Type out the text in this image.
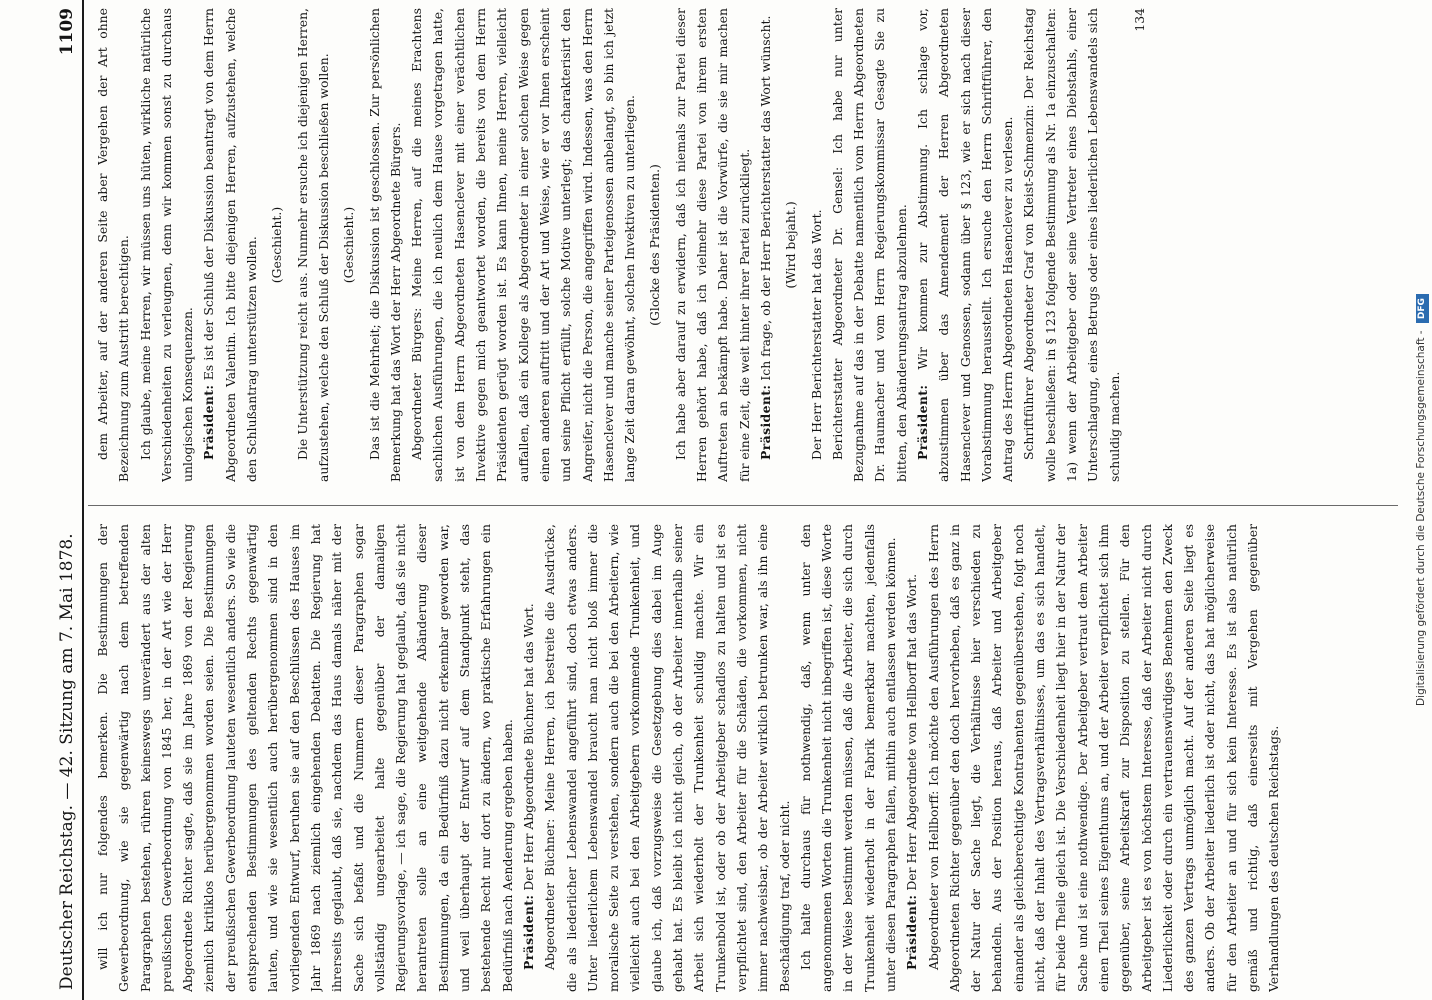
Deutscher Reichstag. — 42. Sitzung am 7. Mai 1878.
1109

will ich nur folgendes bemerken. Die Bestimmungen der Gewerbeordnung, wie sie gegenwärtig nach dem betreffenden Paragraphen bestehen, rühren keineswegs unverändert aus der alten preußischen Gewerbeordnung von 1845 her, in der Art wie der Herr Abgeordnete Richter sagte, daß sie im Jahre 1869 von der Regierung ziemlich kritiklos herübergenommen worden seien. Die Bestimmungen der preußischen Gewerbeordnung lauteten wesentlich anders. So wie die entsprechenden Bestimmungen des geltenden Rechts gegenwärtig lauten, und wie sie wesentlich auch herübergenommen sind in den vorliegenden Entwurf, beruhen sie auf den Beschlüssen des Hauses im Jahr 1869 nach ziemlich eingehenden Debatten. Die Regierung hat ihrerseits geglaubt, daß sie, nachdem das Haus damals näher mit der Sache sich befaßt und die Nummern dieser Paragraphen sogar vollständig ungearbeitet halte gegenüber der damaligen Regierungsvorlage, — ich sage, die Regierung hat geglaubt, daß sie nicht herantreten solle an eine weitgehende Abänderung dieser Bestimmungen, da ein Bedürfniß dazu nicht erkennbar geworden war, und weil überhaupt der Entwurf auf dem Standpunkt steht, das bestehende Recht nur dort zu ändern, wo praktische Erfahrungen ein Bedürfniß nach Aenderung ergeben haben. Präsident: Der Herr Abgeordnete Büchner hat das Wort. Abgeordneter Büchner: Meine Herren, ich bestreite die Ausdrücke, die als liederlicher Lebenswandel angeführt sind, doch etwas anders. Unter liederlichem Lebenswandel braucht man nicht bloß immer die moralische Seite zu verstehen, sondern auch die bei den Arbeitern, wie vielleicht auch bei den Arbeitgebern vorkommende Trunkenheit, und glaube ich, daß vorzugsweise die Gesetzgebung dies dabei im Auge gehabt hat. Es bleibt ich nicht gleich, ob der Arbeiter innerhalb seiner Arbeit sich wiederholt der Trunkenheit schuldig machte. Wir ein Trunkenbold ist, oder ob der Arbeitgeber schadlos zu halten und ist es verpflichtet sind, den Arbeiter für die Schäden, die vorkommen, nicht immer nachweisbar, ob der Arbeiter wirklich betrunken war, als ihn eine Beschädigung traf, oder nicht. Ich halte durchaus für nothwendig, daß, wenn unter den angenommenen Worten die Trunkenheit nicht inbegriffen ist, diese Worte in der Weise bestimmt werden müssen, daß die Arbeiter, die sich durch Trunkenheit wiederholt in der Fabrik bemerkbar machten, jedenfalls unter diesen Paragraphen fallen, mithin auch entlassen werden können. Präsident: Der Herr Abgeordnete von Hellborff hat das Wort. Abgeordneter von Hellborff: Ich möchte den Ausführungen des Herrn Abgeordneten Richter gegenüber den doch hervorheben, daß es ganz in der Natur der Sache liegt, die Verhältnisse hier verschieden zu behandeln. Aus der Position heraus, daß Arbeiter und Arbeitgeber einander als gleichberechtigte Kontrahenten gegenüberstehen, folgt noch nicht, daß der Inhalt des Vertragsverhältnisses, um das es sich handelt, für beide Theile gleich ist. Die Verschiedenheit liegt hier in der Natur der Sache und ist eine nothwendige. Der Arbeitgeber vertraut dem Arbeiter einen Theil seines Eigenthums an, und der Arbeiter verpflichtet sich ihm gegenüber, seine Arbeitskraft zur Disposition zu stellen. Für den Arbeitgeber ist es von höchstem Interesse, daß der Arbeiter nicht durch Liederlichkeit oder durch ein vertrauenswürdiges Benehmen den Zweck des ganzen Vertrags unmöglich macht. Auf der anderen Seite liegt es anders. Ob der Arbeiter liederlich ist oder nicht, das hat möglicherweise für den Arbeiter an und für sich kein Interesse. Es ist also natürlich gemäß und richtig, daß einerseits mit Vergehen gegenüber Verhandlungen des deutschen Reichstags.

dem Arbeiter, auf der anderen Seite aber Vergehen der Art ohne Bezeichnung zum Austritt berechtigen. Ich glaube, meine Herren, wir müssen uns hüten, wirkliche natürliche Verschiedenheiten zu verleugnen, denn wir kommen sonst zu durchaus unlogischen Konsequenzen. Präsident: Es ist der Schluß der Diskussion beantragt von dem Herrn Abgeordneten Valentin. Ich bitte diejenigen Herren, aufzustehen, welche den Schlußantrag unterstützen wollen. (Geschieht.) Die Unterstützung reicht aus. Nunmehr ersuche ich diejenigen Herren, aufzustehen, welche den Schluß der Diskussion beschließen wollen. (Geschieht.) Das ist die Mehrheit; die Diskussion ist geschlossen. Zur persönlichen Bemerkung hat das Wort der Herr Abgeordnete Bürgers. Abgeordneter Bürgers: Meine Herren, auf die meines Erachtens sachlichen Ausführungen, die ich neulich dem Hause vorgetragen hatte, ist von dem Herrn Abgeordneten Hasenclever mit einer verächtlichen Invektive gegen mich geantwortet worden, die bereits von dem Herrn Präsidenten gerügt worden ist. Es kann Ihnen, meine Herren, vielleicht auffallen, daß ein Kollege als Abgeordneter in einer solchen Weise gegen einen anderen auftritt und der Art und Weise, wie er vor Ihnen erscheint und seine Pflicht erfüllt, solche Motive unterlegt; das charakterisirt den Angreifer, nicht die Person, die angegriffen wird. Indessen, was den Herrn Hasenclever und manche seiner Parteigenossen anbelangt, so bin ich jetzt lange Zeit daran gewöhnt, solchen Invektiven zu unterliegen. (Glocke des Präsidenten.) Ich habe aber darauf zu erwidern, daß ich niemals zur Partei dieser Herren gehört habe, daß ich vielmehr diese Partei von ihrem ersten Auftreten an bekämpft habe. Daher ist die Vorwürfe, die sie mir machen für eine Zeit, die weit hinter ihrer Partei zurückliegt. Präsident: Ich frage, ob der Herr Berichterstatter das Wort wünscht. (Wird bejaht.) Der Herr Berichterstatter hat das Wort. Berichterstatter Abgeordneter Dr. Gensel: Ich habe nur unter Bezugnahme auf das in der Debatte namentlich vom Herrn Abgeordneten Dr. Haumacher und vom Herrn Regierungskommissar Gesagte Sie zu bitten, den Abänderungsantrag abzulehnen. Präsident: Wir kommen zur Abstimmung. Ich schlage vor, abzustimmen über das Amendement der Herren Abgeordneten Hasenclever und Genossen, sodann über § 123, wie er sich nach dieser Vorabstimmung herausstellt. Ich ersuche den Herrn Schriftführer, den Antrag des Herrn Abgeordneten Hasenclever zu verlesen. Schriftführer Abgeordneter Graf von Kleist-Schmenzin: Der Reichstag wolle beschließen: in § 123 folgende Bestimmung als Nr. 1a einzuschalten: 1a) wenn der Arbeitgeber oder seine Vertreter eines Diebstahls, einer Unterschlagung, eines Betrugs oder eines liederlichen Lebenswandels sich schuldig machen.

134

Digitalisierung gefördert durch die Deutsche Forschungsgemeinschaft - DFG
